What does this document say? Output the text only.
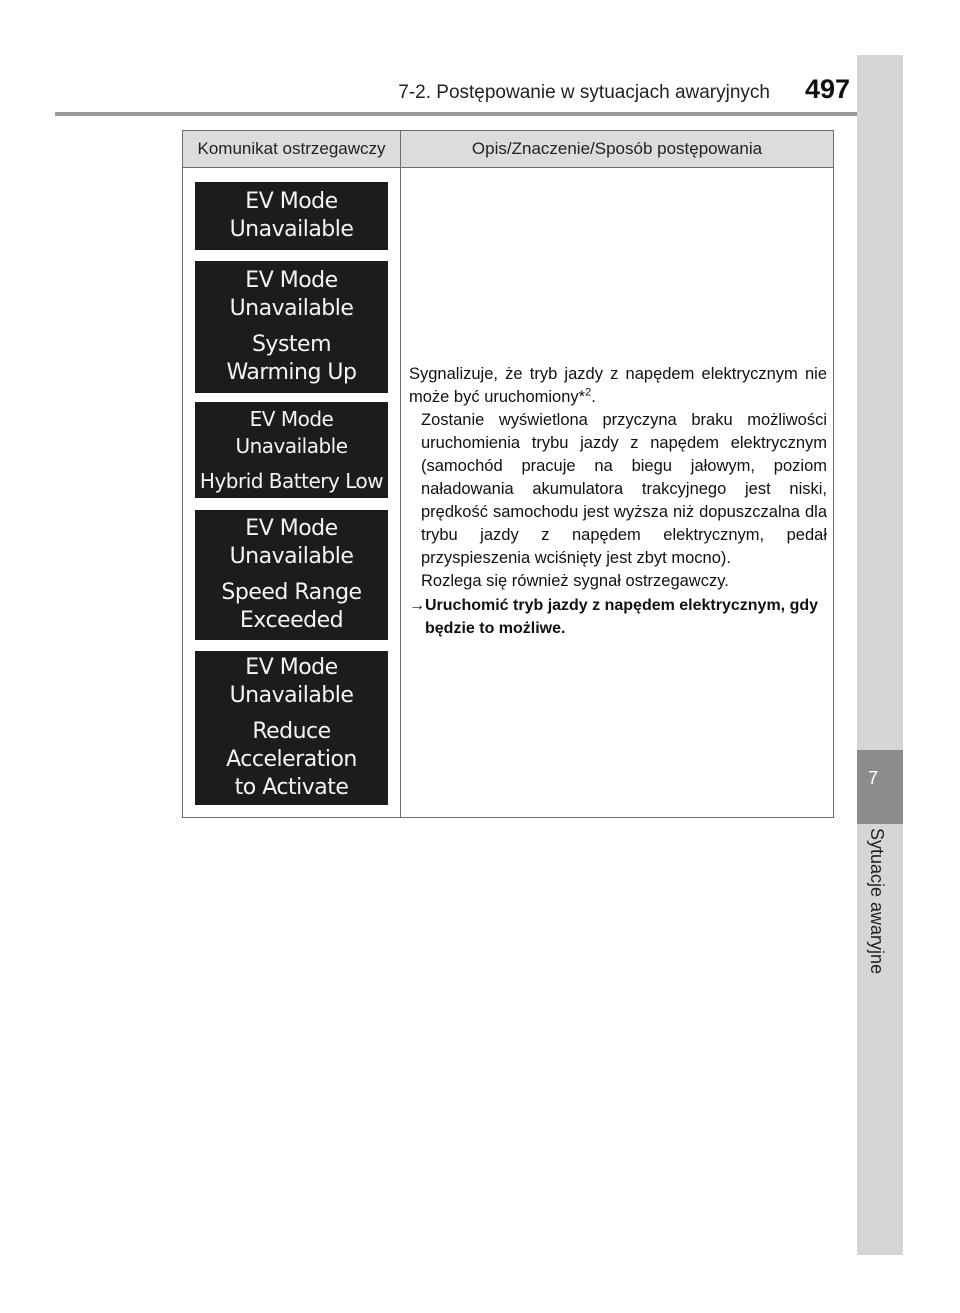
7-2. Postępowanie w sytuacjach awaryjnych	497
7
Sytuacje awaryjne
Komunikat ostrzegawczy	Opis/Znaczenie/Sposób postępowania
EV Mode
Unavailable
EV Mode
Unavailable
System
Warming Up
EV Mode
Unavailable
Hybrid Battery Low
EV Mode
Unavailable
Speed Range
Exceeded
EV Mode
Unavailable
Reduce
Acceleration
to Activate

Sygnalizuje, że tryb jazdy z napędem elektrycznym nie może być uruchomiony*$^2$.

Zostanie wyświetlona przyczyna braku możliwości uruchomienia trybu jazdy z napędem elektrycznym (samochód pracuje na biegu jałowym, poziom naładowania akumulatora trakcyjnego jest niski, prędkość samochodu jest wyższa niż dopuszczalna dla trybu jazdy z napędem elektrycznym, pedał przyspieszenia wciśnięty jest zbyt mocno).

Rozlega się również sygnał ostrzegawczy.

→ Uruchomić tryb jazdy z napędem elektrycznym, gdy będzie to możliwe.
